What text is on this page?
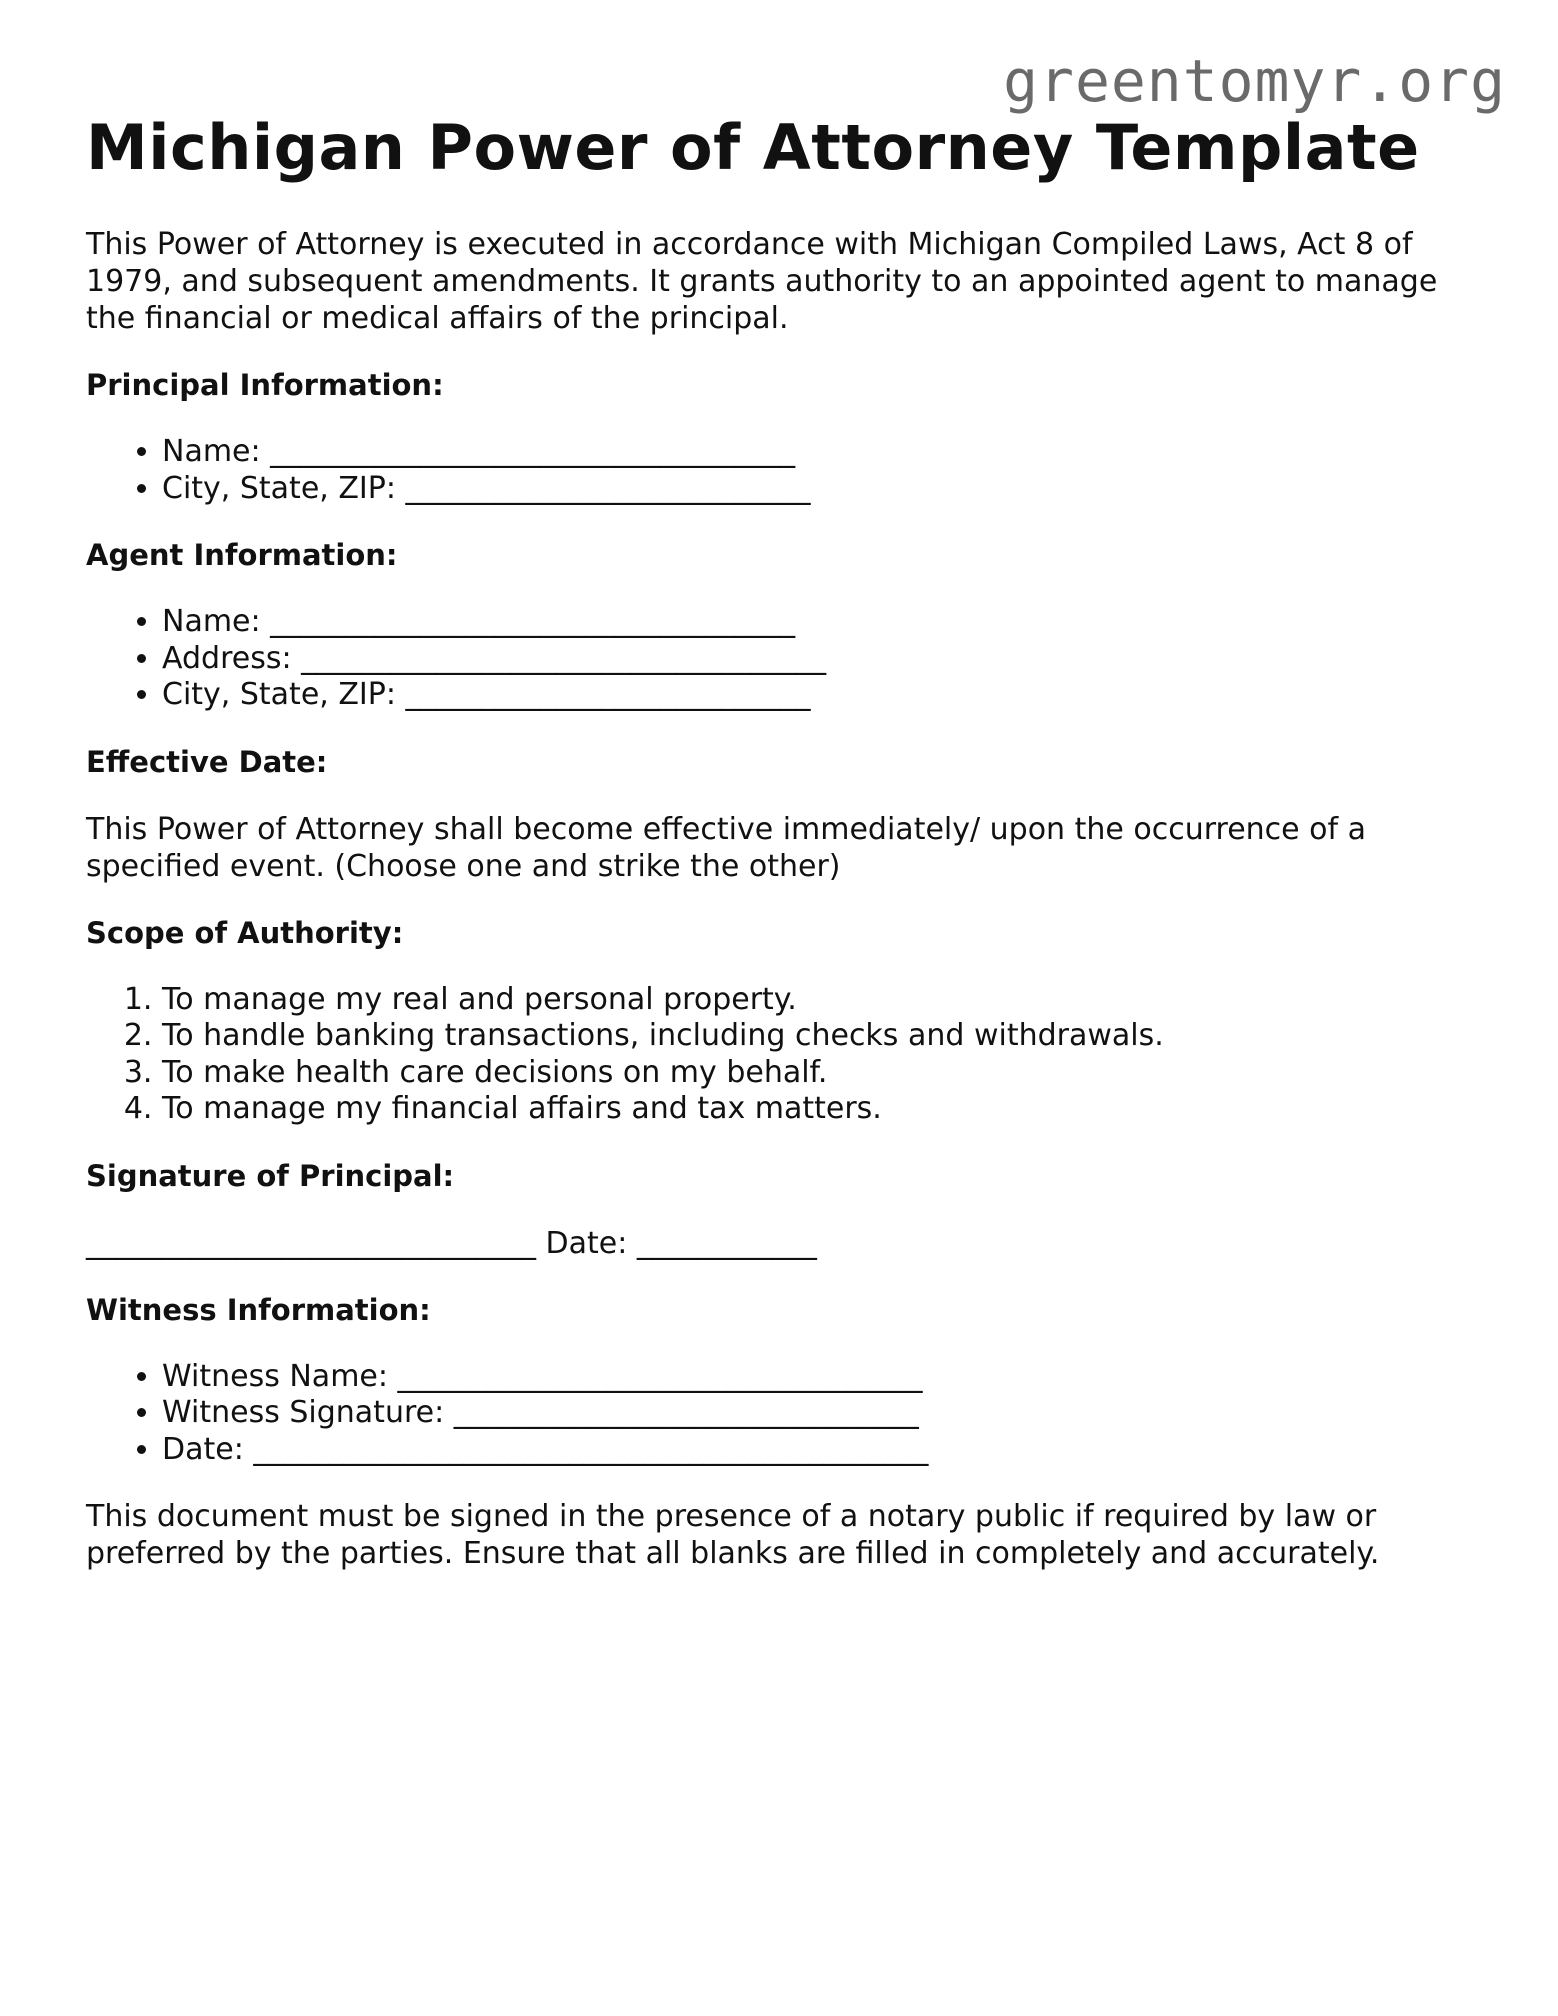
greentomyr.org
Michigan Power of Attorney Template

This Power of Attorney is executed in accordance with Michigan Compiled Laws, Act 8 of 1979, and subsequent amendments. It grants authority to an appointed agent to manage the financial or medical affairs of the principal.

Principal Information:

• Name: ___________________________________
• City, State, ZIP: ___________________________

Agent Information:

• Name: ___________________________________
• Address: ___________________________________
• City, State, ZIP: ___________________________

Effective Date:

This Power of Attorney shall become effective immediately/ upon the occurrence of a specified event. (Choose one and strike the other)

Scope of Authority:

1. To manage my real and personal property.
2. To handle banking transactions, including checks and withdrawals.
3. To make health care decisions on my behalf.
4. To manage my financial affairs and tax matters.

Signature of Principal:

______________________________ Date: ____________

Witness Information:

• Witness Name: ___________________________________
• Witness Signature: _______________________________
• Date: _____________________________________________

This document must be signed in the presence of a notary public if required by law or preferred by the parties. Ensure that all blanks are filled in completely and accurately.
